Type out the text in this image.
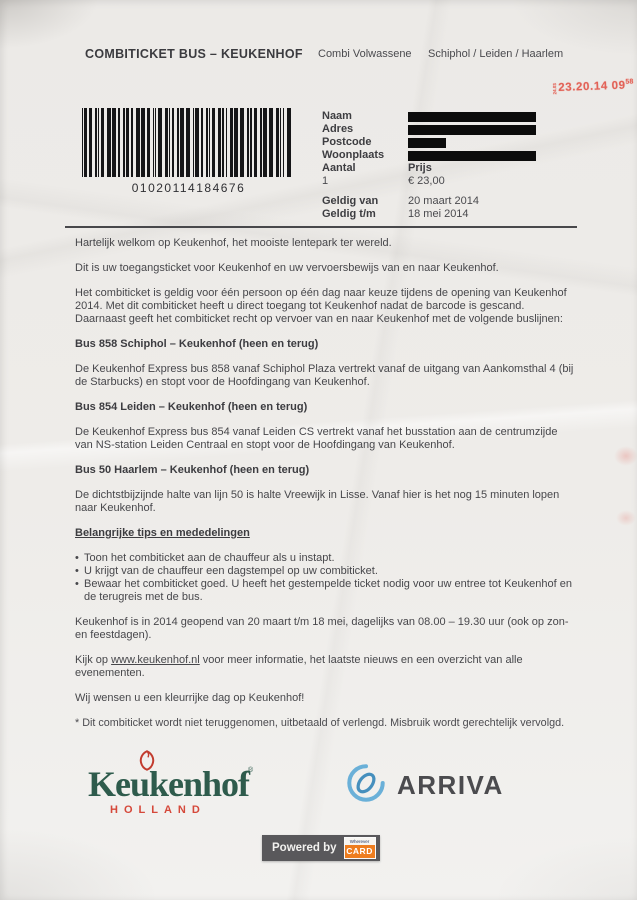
24.0323.20.14 $09^{58}$
COMBITICKET BUS – KEUKENHOF Combi Volwassene Schiphol / Leiden / Haarlem
01020114184676
Naam
Adres
Postcode
Woonplaats
Aantal	Prijs
1	€ 23,00
Geldig van	20 maart 2014
Geldig t/m	18 mei 2014

Hartelijk welkom op Keukenhof, het mooiste lentepark ter wereld.

Dit is uw toegangsticket voor Keukenhof en uw vervoersbewijs van en naar Keukenhof.

Het combiticket is geldig voor één persoon op één dag naar keuze tijdens de opening van Keukenhof 2014. Met dit combiticket heeft u direct toegang tot Keukenhof nadat de barcode is gescand. Daarnaast geeft het combiticket recht op vervoer van en naar Keukenhof met de volgende buslijnen:

Bus 858 Schiphol – Keukenhof (heen en terug)

De Keukenhof Express bus 858 vanaf Schiphol Plaza vertrekt vanaf de uitgang van Aankomsthal 4 (bij de Starbucks) en stopt voor de Hoofdingang van Keukenhof.

Bus 854 Leiden – Keukenhof (heen en terug)

De Keukenhof Express bus 854 vanaf Leiden CS vertrekt vanaf het busstation aan de centrumzijde van NS-station Leiden Centraal en stopt voor de Hoofdingang van Keukenhof.

Bus 50 Haarlem – Keukenhof (heen en terug)

De dichtstbijzijnde halte van lijn 50 is halte Vreewijk in Lisse. Vanaf hier is het nog 15 minuten lopen naar Keukenhof.

Belangrijke tips en mededelingen

• Toon het combiticket aan de chauffeur als u instapt.
• U krijgt van de chauffeur een dagstempel op uw combiticket.
• Bewaar het combiticket goed. U heeft het gestempelde ticket nodig voor uw entree tot Keukenhof en de terugreis met de bus.

Keukenhof is in 2014 geopend van 20 maart t/m 18 mei, dagelijks van 08.00 – 19.30 uur (ook op zon- en feestdagen).

Kijk op www.keukenhof.nl voor meer informatie, het laatste nieuws en een overzicht van alle evenementen.

Wij wensen u een kleurrijke dag op Keukenhof!

* Dit combiticket wordt niet teruggenomen, uitbetaald of verlengd. Misbruik wordt gerechtelijk vervolgd.

Keukenhof
®
HOLLAND
ARRIVA
Powered by
Wherever
CARD
